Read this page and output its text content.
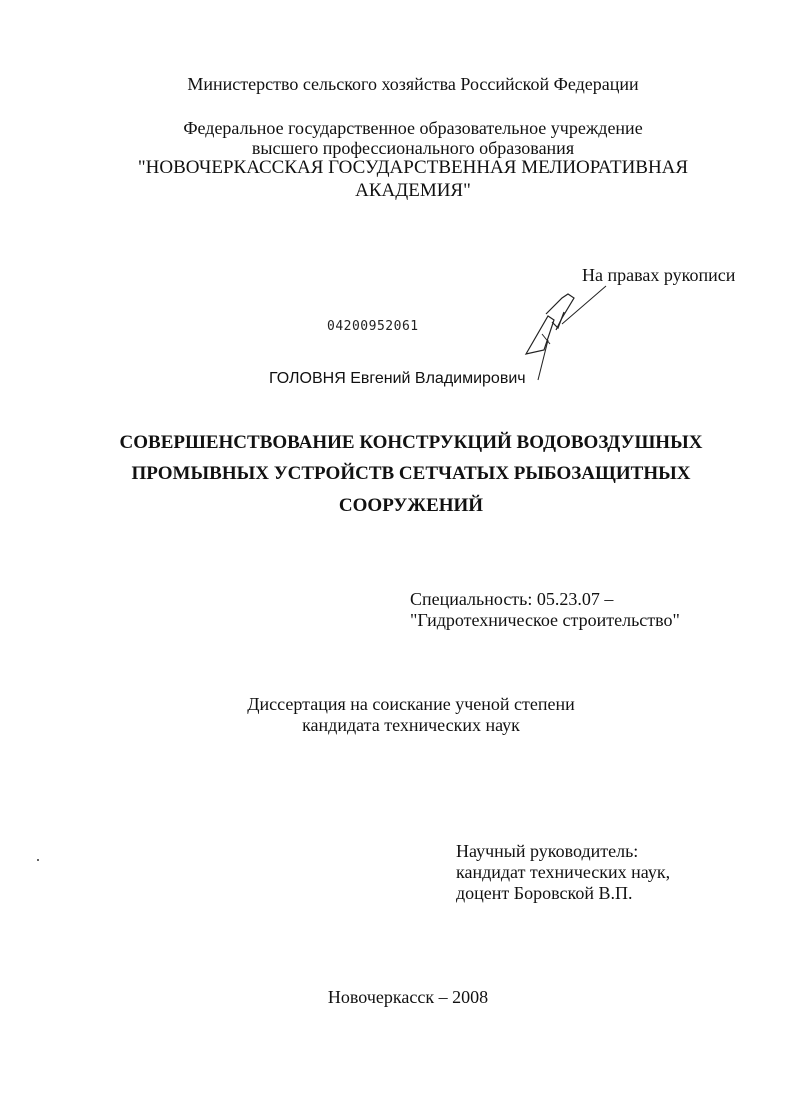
Министерство сельского хозяйства Российской Федерации
Федеральное государственное образовательное учреждение
высшего профессионального образования
"НОВОЧЕРКАССКАЯ ГОСУДАРСТВЕННАЯ МЕЛИОРАТИВНАЯ
АКАДЕМИЯ"
На правах рукописи
04200952061
ГОЛОВНЯ Евгений Владимирович
СОВЕРШЕНСТВОВАНИЕ КОНСТРУКЦИЙ ВОДОВОЗДУШНЫХ
ПРОМЫВНЫХ УСТРОЙСТВ СЕТЧАТЫХ РЫБОЗАЩИТНЫХ
СООРУЖЕНИЙ
Специальность: 05.23.07 –
"Гидротехническое строительство"
Диссертация на соискание ученой степени
кандидата технических наук
Научный руководитель:
кандидат технических наук,
доцент Боровской В.П.
Новочеркасск – 2008
